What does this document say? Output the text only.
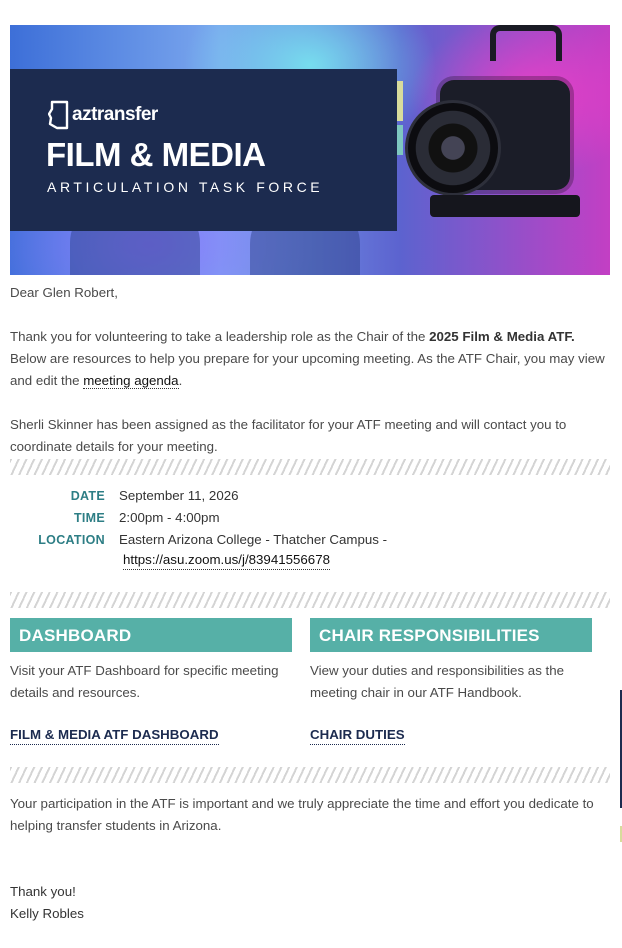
aztransfer
FILM & MEDIA
ARTICULATION TASK FORCE
Dear Glen Robert,
Thank you for volunteering to take a leadership role as the Chair of the 2025 Film & Media ATF. Below are resources to help you prepare for your upcoming meeting. As the ATF Chair, you may view and edit the meeting agenda.
Sherli Skinner has been assigned as the facilitator for your ATF meeting and will contact you to coordinate details for your meeting.
DATE	September 11, 2026
TIME	2:00pm - 4:00pm
LOCATION	Eastern Arizona College - Thatcher Campus -
https://asu.zoom.us/j/83941556678
DASHBOARD
Visit your ATF Dashboard for specific meeting details and resources.
FILM & MEDIA ATF DASHBOARD
CHAIR RESPONSIBILITIES
View your duties and responsibilities as the meeting chair in our ATF Handbook.
CHAIR DUTIES
Your participation in the ATF is important and we truly appreciate the time and effort you dedicate to helping transfer students in Arizona.
Thank you!
Kelly Robles
